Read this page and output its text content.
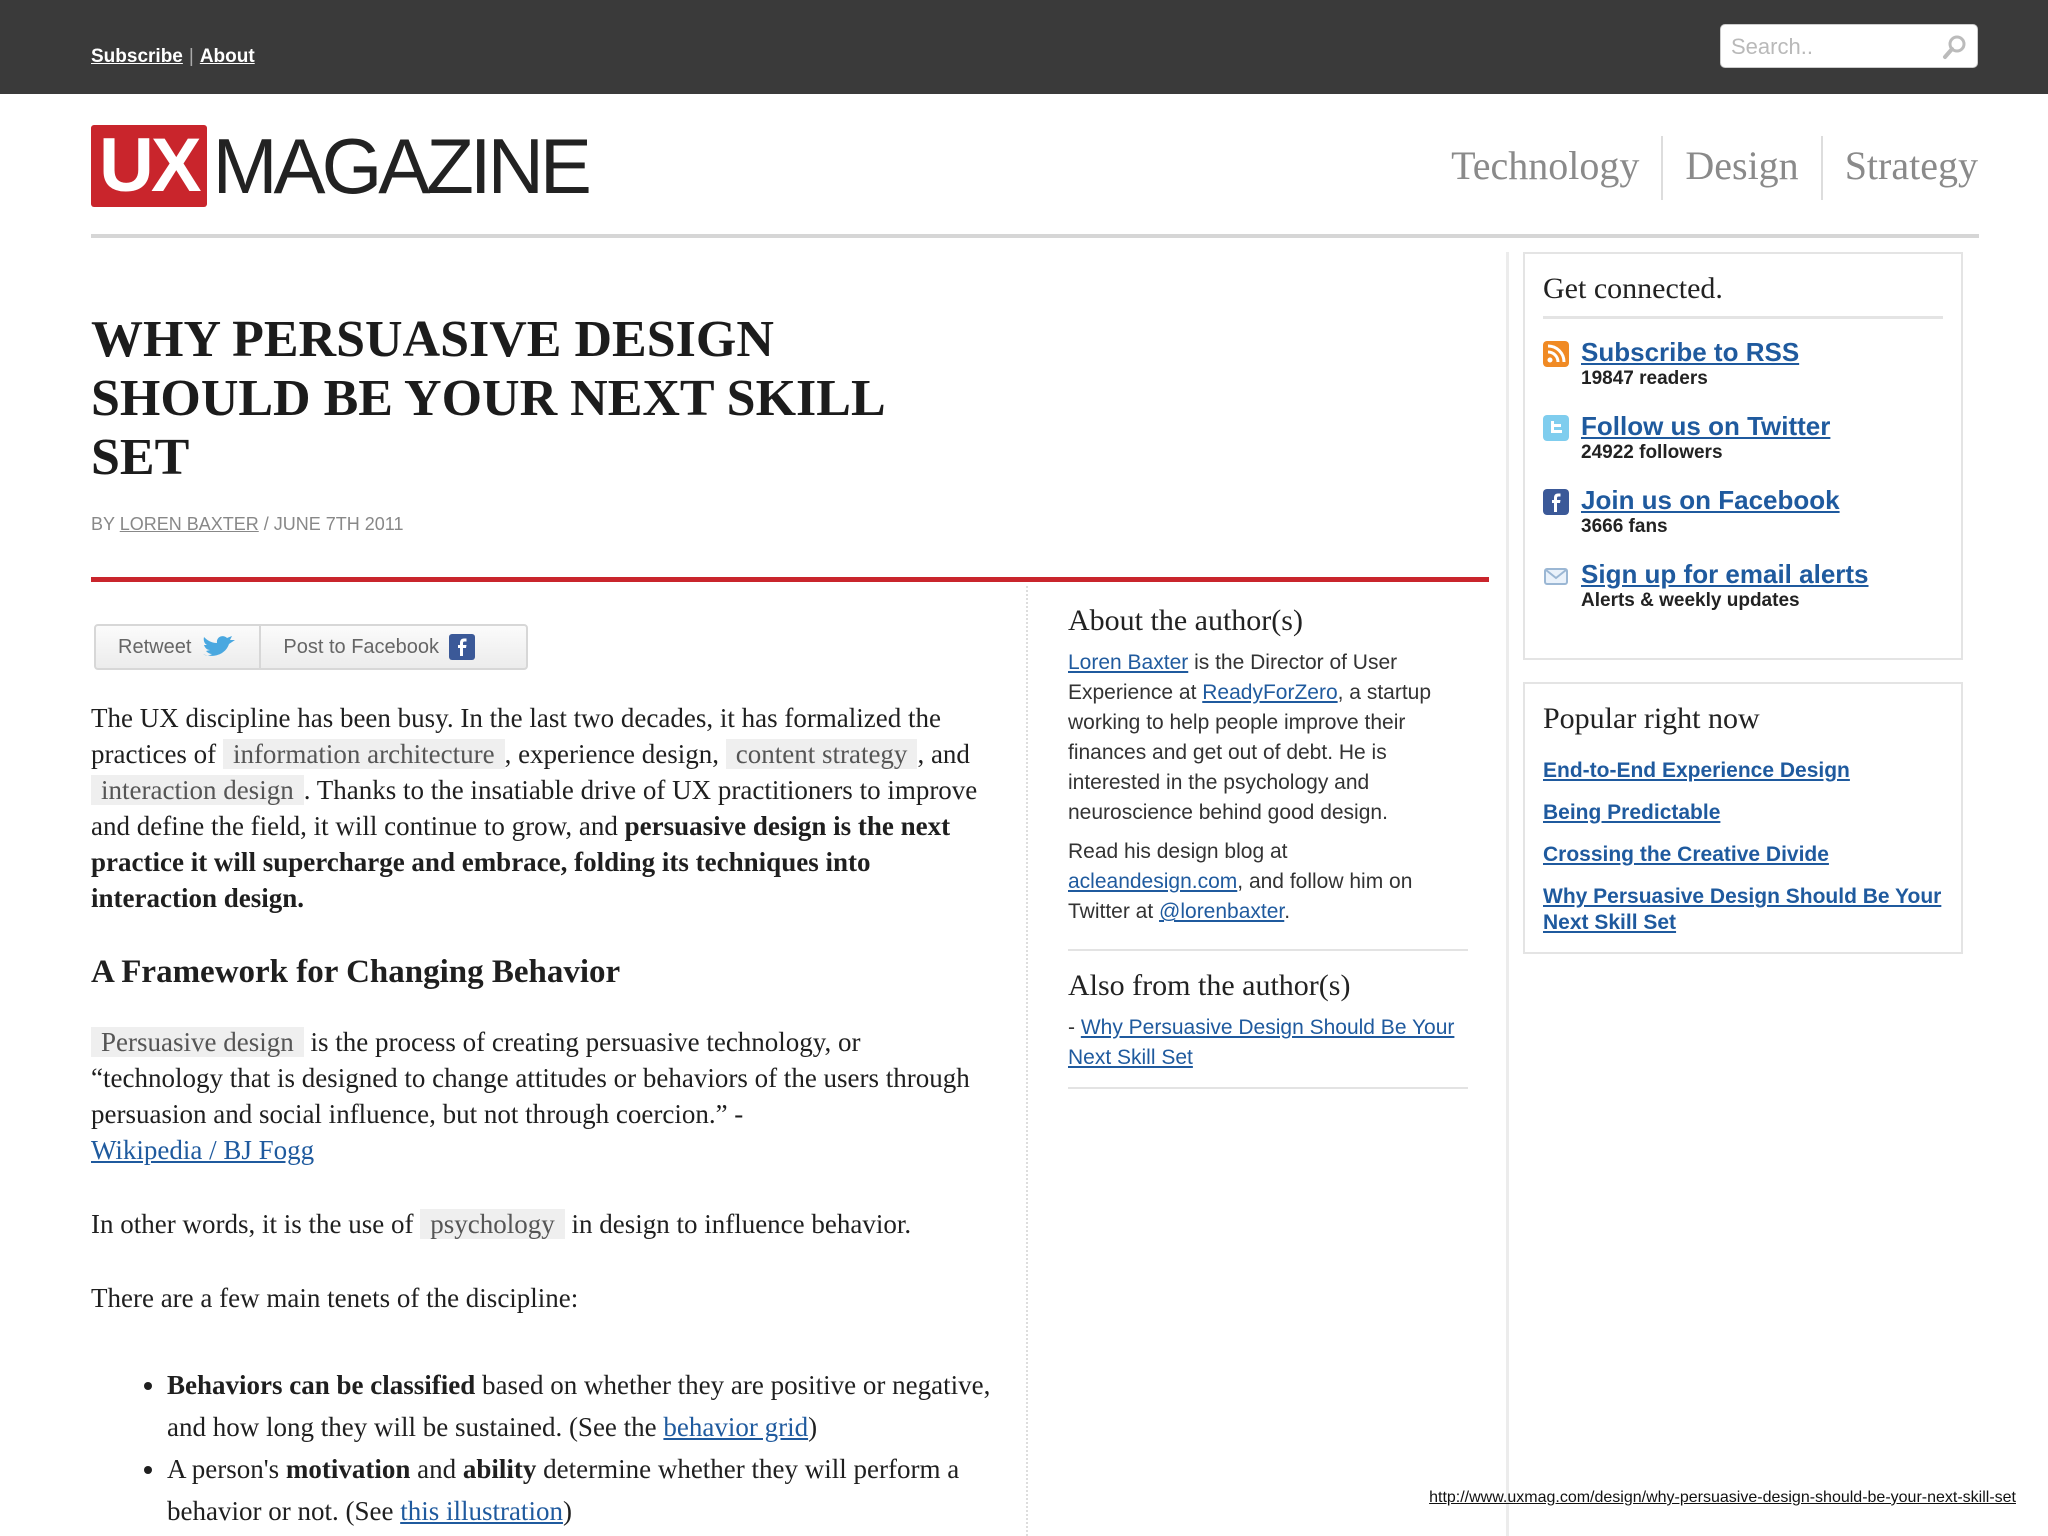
Subscribe | About
Search..
UX MAGAZINE	Technology	Design	Strategy
WHY PERSUASIVE DESIGN SHOULD BE YOUR NEXT SKILL SET
BY LOREN BAXTER / JUNE 7TH 2011
Retweet	Post to Facebook

The UX discipline has been busy. In the last two decades, it has formalized the practices of information architecture , experience design, content strategy , and interaction design . Thanks to the insatiable drive of UX practitioners to improve and define the field, it will continue to grow, and persuasive design is the next practice it will supercharge and embrace, folding its techniques into interaction design.

A Framework for Changing Behavior

Persuasive design is the process of creating persuasive technology, or “technology that is designed to change attitudes or behaviors of the users through persuasion and social influence, but not through coercion.” -
Wikipedia / BJ Fogg

In other words, it is the use of psychology in design to influence behavior.

There are a few main tenets of the discipline:

• Behaviors can be classified based on whether they are positive or negative, and how long they will be sustained. (See the behavior grid)
• A person's motivation and ability determine whether they will perform a behavior or not. (See this illustration)
About the author(s)

Loren Baxter is the Director of User Experience at ReadyForZero, a startup working to help people improve their finances and get out of debt. He is interested in the psychology and neuroscience behind good design.

Read his design blog at acleandesign.com, and follow him on Twitter at @lorenbaxter.

Also from the author(s)

- Why Persuasive Design Should Be Your Next Skill Set

Get connected.
Subscribe to RSS
19847 readers
Follow us on Twitter
24922 followers
Join us on Facebook
3666 fans
Sign up for email alerts
Alerts & weekly updates
Popular right now
End-to-End Experience Design
Being Predictable
Crossing the Creative Divide
Why Persuasive Design Should Be Your Next Skill Set
http://www.uxmag.com/design/why-persuasive-design-should-be-your-next-skill-set
